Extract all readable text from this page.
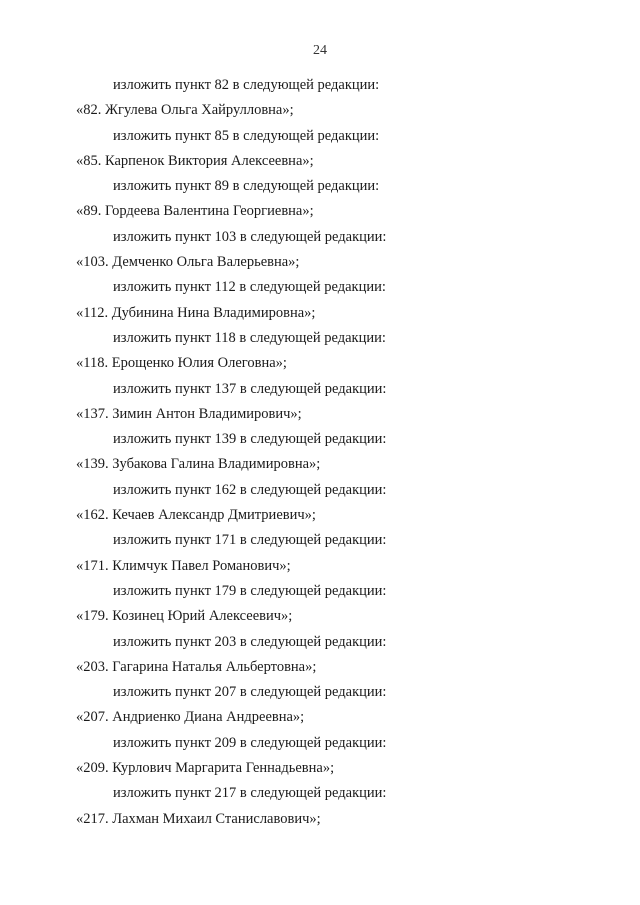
24
изложить пункт 82 в следующей редакции:
«82. Жгулева Ольга Хайрулловна»;
изложить пункт 85 в следующей редакции:
«85. Карпенок Виктория Алексеевна»;
изложить пункт 89 в следующей редакции:
«89. Гордеева Валентина Георгиевна»;
изложить пункт 103 в следующей редакции:
«103. Демченко Ольга Валерьевна»;
изложить пункт 112 в следующей редакции:
«112. Дубинина Нина Владимировна»;
изложить пункт 118 в следующей редакции:
«118. Ерощенко Юлия Олеговна»;
изложить пункт 137 в следующей редакции:
«137. Зимин Антон Владимирович»;
изложить пункт 139 в следующей редакции:
«139. Зубакова Галина Владимировна»;
изложить пункт 162 в следующей редакции:
«162. Кечаев Александр Дмитриевич»;
изложить пункт 171 в следующей редакции:
«171. Климчук Павел Романович»;
изложить пункт 179 в следующей редакции:
«179. Козинец Юрий Алексеевич»;
изложить пункт 203 в следующей редакции:
«203. Гагарина Наталья Альбертовна»;
изложить пункт 207 в следующей редакции:
«207. Андриенко Диана Андреевна»;
изложить пункт 209 в следующей редакции:
«209. Курлович Маргарита Геннадьевна»;
изложить пункт 217 в следующей редакции:
«217. Лахман Михаил Станиславович»;
